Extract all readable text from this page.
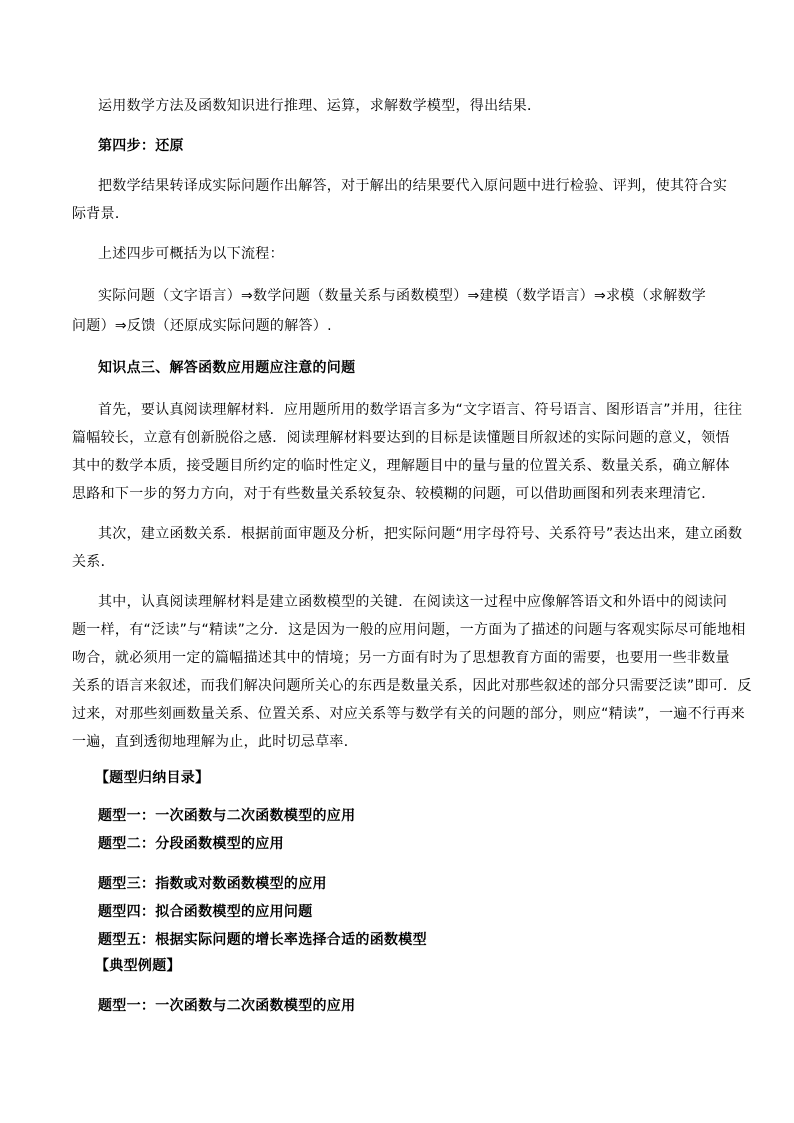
运用数学方法及函数知识进行推理、运算，求解数学模型，得出结果．
第四步：还原
把数学结果转译成实际问题作出解答，对于解出的结果要代入原问题中进行检验、评判，使其符合实
际背景．
上述四步可概括为以下流程：
实际问题（文字语言）⇒数学问题（数量关系与函数模型）⇒建模（数学语言）⇒求模（求解数学
问题）⇒反馈（还原成实际问题的解答）.
知识点三、解答函数应用题应注意的问题
首先，要认真阅读理解材料．应用题所用的数学语言多为“文字语言、符号语言、图形语言”并用，往往
篇幅较长，立意有创新脱俗之感．阅读理解材料要达到的目标是读懂题目所叙述的实际问题的意义，领悟
其中的数学本质，接受题目所约定的临时性定义，理解题目中的量与量的位置关系、数量关系，确立解体
思路和下一步的努力方向，对于有些数量关系较复杂、较模糊的问题，可以借助画图和列表来理清它．
其次，建立函数关系．根据前面审题及分析，把实际问题“用字母符号、关系符号”表达出来，建立函数
关系．
其中，认真阅读理解材料是建立函数模型的关键．在阅读这一过程中应像解答语文和外语中的阅读问
题一样，有“泛读”与“精读”之分．这是因为一般的应用问题，一方面为了描述的问题与客观实际尽可能地相
吻合，就必须用一定的篇幅描述其中的情境；另一方面有时为了思想教育方面的需要，也要用一些非数量
关系的语言来叙述，而我们解决问题所关心的东西是数量关系，因此对那些叙述的部分只需要泛读”即可．反
过来，对那些刻画数量关系、位置关系、对应关系等与数学有关的问题的部分，则应“精读”，一遍不行再来
一遍，直到透彻地理解为止，此时切忌草率．
【题型归纳目录】
题型一：一次函数与二次函数模型的应用
题型二：分段函数模型的应用
题型三：指数或对数函数模型的应用
题型四：拟合函数模型的应用问题
题型五：根据实际问题的增长率选择合适的函数模型
【典型例题】
题型一：一次函数与二次函数模型的应用
